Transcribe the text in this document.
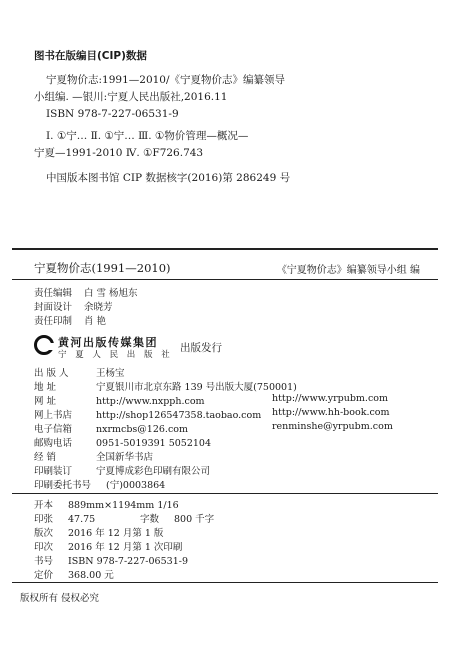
图书在版编目(CIP)数据
宁夏物价志:1991—2010/《宁夏物价志》编纂领导
小组编. —银川:宁夏人民出版社,2016.11
ISBN 978-7-227-06531-9
Ⅰ. ①宁… Ⅱ. ①宁… Ⅲ. ①物价管理—概况—
宁夏—1991-2010 Ⅳ. ①F726.743
中国版本图书馆 CIP 数据核字(2016)第 286249 号
宁夏物价志(1991—2010)	《宁夏物价志》编纂领导小组 编
责任编辑 白 雪 杨旭东
封面设计 余晓芳
责任印制 肖 艳
黄河出版传媒集团
宁 夏 人 民 出 版 社
出版发行
出 版 人	王杨宝
地 址	宁夏银川市北京东路 139 号出版大厦(750001)
网 址	http://www.nxpph.com	http://www.yrpubm.com
网上书店	http://shop126547358.taobao.com http://www.hh-book.com
电子信箱	nxrmcbs@126.com	renminshe@yrpubm.com
邮购电话	0951-5019391 5052104
经 销	全国新华书店
印刷装订	宁夏博成彩色印刷有限公司
印刷委托书号 (宁)0003864
开本 889mm×1194mm 1/16
印张 47.75	字数 800 千字
版次 2016 年 12 月第 1 版
印次 2016 年 12 月第 1 次印刷
书号 ISBN 978-7-227-06531-9
定价 368.00 元
版权所有 侵权必究
